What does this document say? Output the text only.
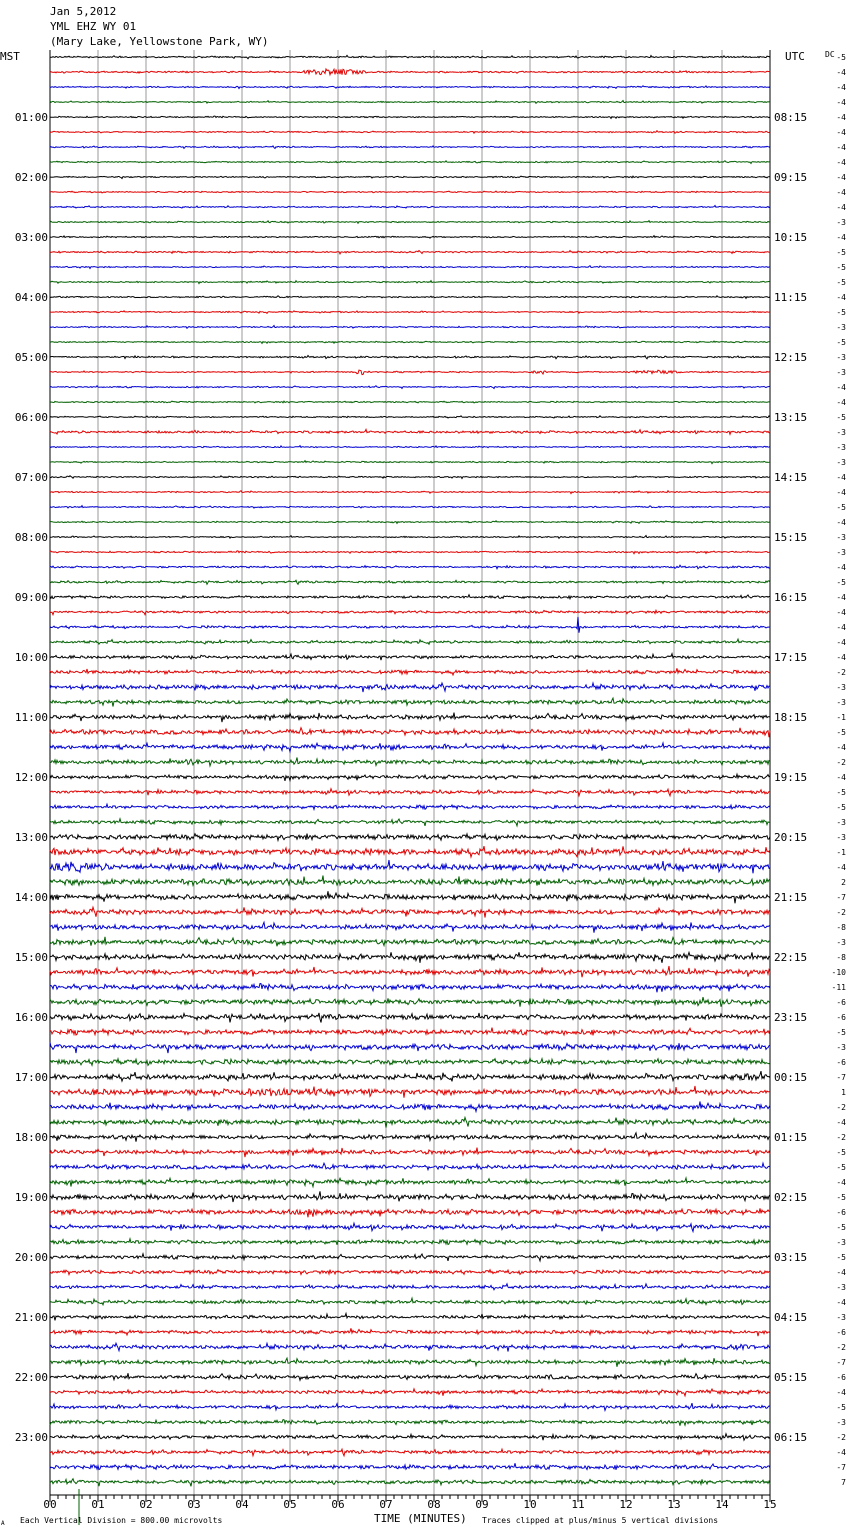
Jan 5,2012
YML EHZ WY 01
(Mary Lake, Yellowstone Park, WY)
-5
-4
-4
-4
-4
-4
-4
-4
-4
-4
-4
-3
-4
-5
-5
-5
-4
-5
-3
-5
-3
-3
-4
-4
-5
-3
-3
-3
-4
-4
-5
-4
-3
-3
-4
-5
-4
-4
-4
-4
-4
-2
-3
-3
-1
-5
-4
-2
-4
-5
-5
-3
-3
-1
-4
2
-7
-2
-8
-3
-8
-10
-11
-6
-6
-5
-3
-6
-7
1
-2
-4
-2
-5
-5
-4
-5
-6
-5
-3
-5
-4
-3
-4
-3
-6
-2
-7
-6
-4
-5
-3
-2
-4
-7
7
01:00
02:00
03:00
04:00
05:00
06:00
07:00
08:00
09:00
10:00
11:00
12:00
13:00
14:00
15:00
16:00
17:00
18:00
19:00
20:00
21:00
22:00
23:00
08:15
09:15
10:15
11:15
12:15
13:15
14:15
15:15
16:15
17:15
18:15
19:15
20:15
21:15
22:15
23:15
00:15
01:15
02:15
03:15
04:15
05:15
06:15
00	01	02	03	04	05	06	07	08	09	10	11	12	13	14	15
MST	UTC	DC
TIME (MINUTES)
Each Vertical Division = 800.00 microvolts	Traces clipped at plus/minus 5 vertical divisions
A
